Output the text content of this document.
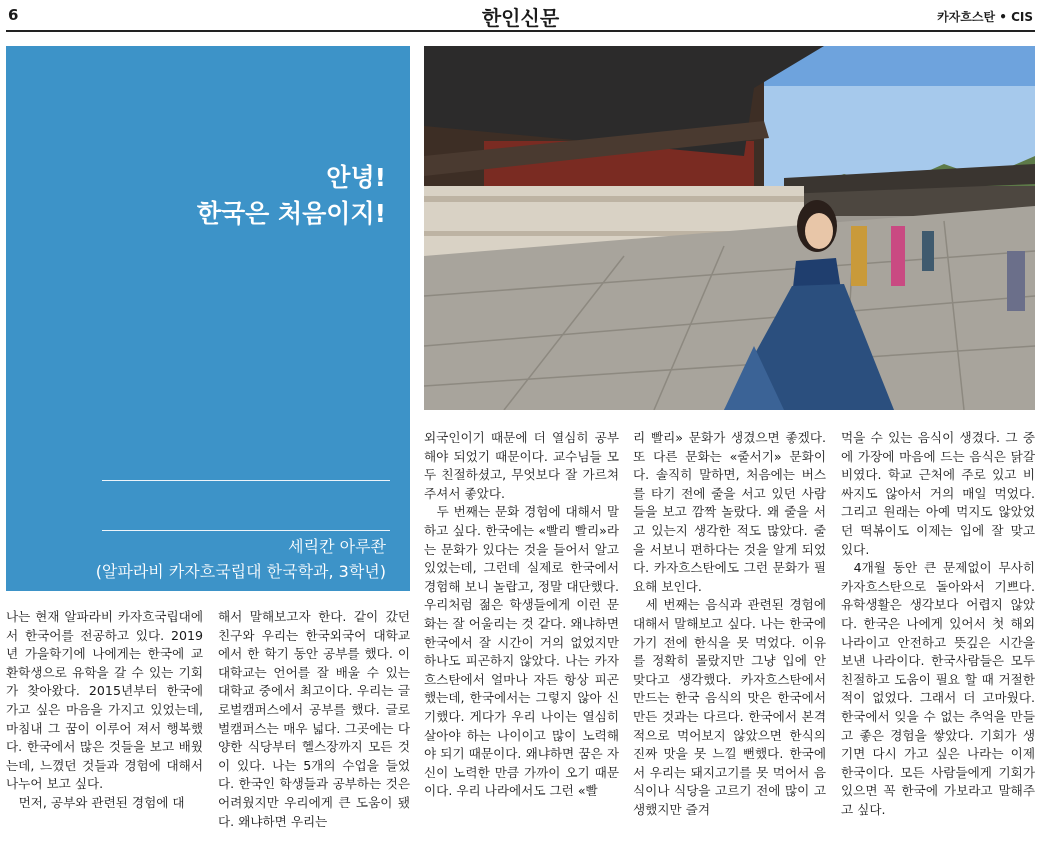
6	한인신문	카자흐스탄 • CIS
안녕!
한국은 처음이지!
세릭칸 아루좐
(알파라비 카자흐국립대 한국학과, 3학년)
(지도: 아미르베코바 우미타이, 한국학과 전임교원)

나는 현재 알파라비 카자흐국립대에서 한국어를 전공하고 있다. 2019년 가을학기에 나에게는 한국에 교환학생으로 유학을 갈 수 있는 기회가 찾아왔다. 2015년부터 한국에 가고 싶은 마음을 가지고 있었는데, 마침내 그 꿈이 이루어 져서 행복했다. 한국에서 많은 것들을 보고 배웠는데, 느꼈던 것들과 경험에 대해서 나누어 보고 싶다.

먼저, 공부와 관련된 경험에 대

해서 말해보고자 한다. 같이 갔던 친구와 우리는 한국외국어 대학교에서 한 학기 동안 공부를 했다. 이 대학교는 언어를 잘 배울 수 있는 대학교 중에서 최고이다. 우리는 글로벌캠퍼스에서 공부를 했다. 글로벌캠퍼스는 매우 넓다. 그곳에는 다양한 식당부터 헬스장까지 모든 것이 있다. 나는 5개의 수업을 들었다. 한국인 학생들과 공부하는 것은 어려웠지만 우리에게 큰 도움이 됐다. 왜냐하면 우리는

외국인이기 때문에 더 열심히 공부해야 되었기 때문이다. 교수님들 모두 친절하셨고, 무엇보다 잘 가르쳐 주셔서 좋았다.

두 번째는 문화 경험에 대해서 말하고 싶다. 한국에는 «빨리 빨리»라는 문화가 있다는 것을 들어서 알고 있었는데, 그런데 실제로 한국에서 경험해 보니 놀랍고, 정말 대단했다. 우리처럼 젊은 학생들에게 이런 문화는 잘 어울리는 것 같다. 왜냐하면 한국에서 잘 시간이 거의 없었지만 하나도 피곤하지 않았다. 나는 카자흐스탄에서 얼마나 자든 항상 피곤했는데, 한국에서는 그렇지 않아 신기했다. 게다가 우리 나이는 열심히 살아야 하는 나이이고 많이 노력해야 되기 때문이다. 왜냐하면 꿈은 자신이 노력한 만큼 가까이 오기 때문이다. 우리 나라에서도 그런 «빨

리 빨리» 문화가 생겼으면 좋겠다. 또 다른 문화는 «줄서기» 문화이다. 솔직히 말하면, 처음에는 버스를 타기 전에 줄을 서고 있던 사람들을 보고 깜짝 놀랐다. 왜 줄을 서고 있는지 생각한 적도 많았다. 줄을 서보니 편하다는 것을 알게 되었다. 카자흐스탄에도 그런 문화가 필요해 보인다.

세 번째는 음식과 관련된 경험에 대해서 말해보고 싶다. 나는 한국에 가기 전에 한식을 못 먹었다. 이유를 정확히 몰랐지만 그냥 입에 안 맞다고 생각했다. 카자흐스탄에서 만드는 한국 음식의 맛은 한국에서 만든 것과는 다르다. 한국에서 본격적으로 먹어보지 않았으면 한식의 진짜 맛을 못 느낄 뻔했다. 한국에서 우리는 돼지고기를 못 먹어서 음식이나 식당을 고르기 전에 많이 고생했지만 즐겨

먹을 수 있는 음식이 생겼다. 그 중에 가장에 마음에 드는 음식은 닭갈비였다. 학교 근처에 주로 있고 비싸지도 않아서 거의 매일 먹었다. 그리고 원래는 아예 먹지도 않았었던 떡볶이도 이제는 입에 잘 맞고 있다.

4개월 동안 큰 문제없이 무사히 카자흐스탄으로 돌아와서 기쁘다. 유학생활은 생각보다 어렵지 않았다. 한국은 나에게 있어서 첫 해외 나라이고 안전하고 뜻깊은 시간을 보낸 나라이다. 한국사람들은 모두 친절하고 도움이 필요 할 때 거절한 적이 없었다. 그래서 더 고마웠다. 한국에서 잊을 수 없는 추억을 만들고 좋은 경험을 쌓았다. 기회가 생기면 다시 가고 싶은 나라는 이제 한국이다. 모든 사람들에게 기회가 있으면 꼭 한국에 가보라고 말해주고 싶다.
